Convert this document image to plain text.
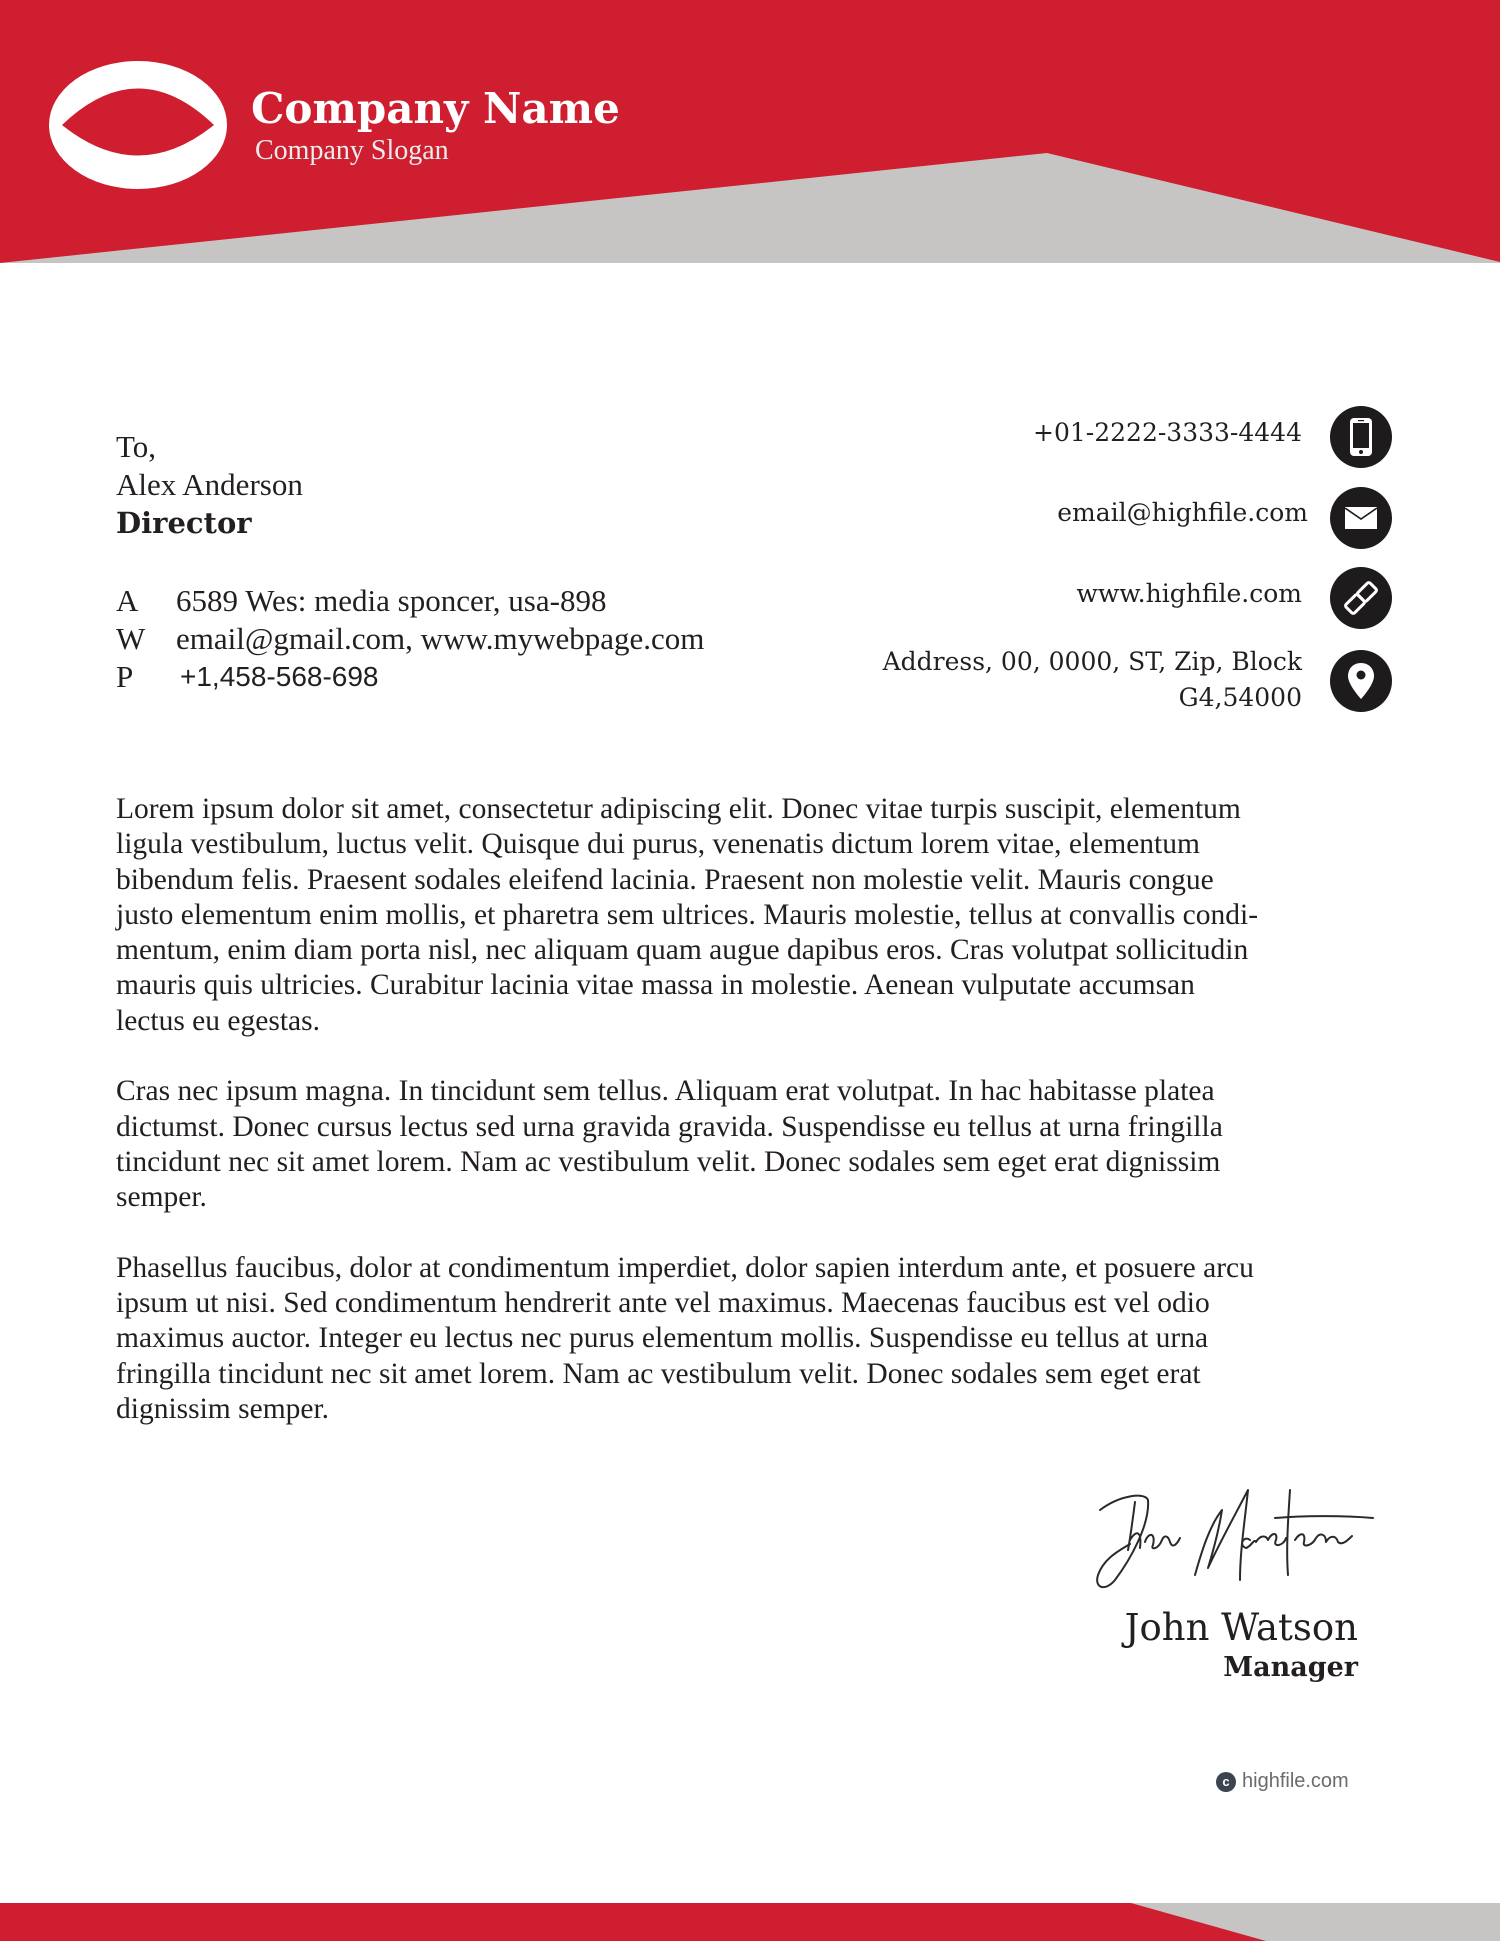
Company Name
Company Slogan
To,
Alex Anderson
Director
A	6589 Wes: media sponcer, usa-898
W email@gmail.com, www.mywebpage.com
P	+1,458-568-698
+01-2222-3333-4444
email@highfile.com
www.highfile.com
Address, 00, 0000, ST, Zip, Block
G4,54000

Lorem ipsum dolor sit amet, consectetur adipiscing elit. Donec vitae turpis suscipit, elementum
ligula vestibulum, luctus velit. Quisque dui purus, venenatis dictum lorem vitae, elementum
bibendum felis. Praesent sodales eleifend lacinia. Praesent non molestie velit. Mauris congue
justo elementum enim mollis, et pharetra sem ultrices. Mauris molestie, tellus at convallis condi-
mentum, enim diam porta nisl, nec aliquam quam augue dapibus eros. Cras volutpat sollicitudin
mauris quis ultricies. Curabitur lacinia vitae massa in molestie. Aenean vulputate accumsan
lectus eu egestas.

Cras nec ipsum magna. In tincidunt sem tellus. Aliquam erat volutpat. In hac habitasse platea
dictumst. Donec cursus lectus sed urna gravida gravida. Suspendisse eu tellus at urna fringilla
tincidunt nec sit amet lorem. Nam ac vestibulum velit. Donec sodales sem eget erat dignissim
semper.

Phasellus faucibus, dolor at condimentum imperdiet, dolor sapien interdum ante, et posuere arcu
ipsum ut nisi. Sed condimentum hendrerit ante vel maximus. Maecenas faucibus est vel odio
maximus auctor. Integer eu lectus nec purus elementum mollis. Suspendisse eu tellus at urna
fringilla tincidunt nec sit amet lorem. Nam ac vestibulum velit. Donec sodales sem eget erat
dignissim semper.

John Watson
Manager
c highfile.com
